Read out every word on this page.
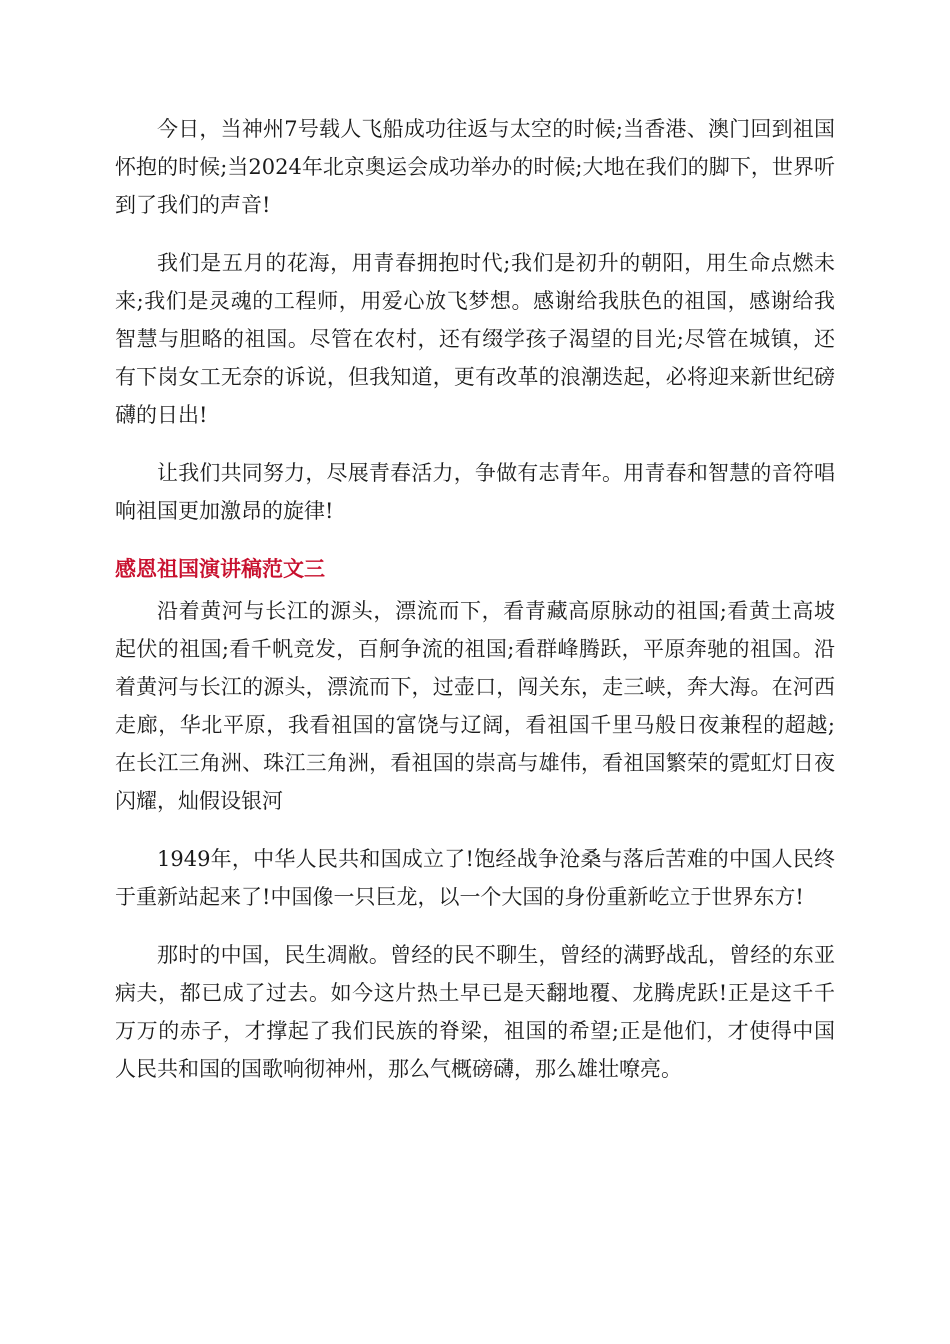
今日，当神州7号载人飞船成功往返与太空的时候;当香港、澳门回到祖国怀抱的时候;当2024年北京奥运会成功举办的时候;大地在我们的脚下，世界听到了我们的声音!

我们是五月的花海，用青春拥抱时代;我们是初升的朝阳，用生命点燃未来;我们是灵魂的工程师，用爱心放飞梦想。感谢给我肤色的祖国，感谢给我智慧与胆略的祖国。尽管在农村，还有缀学孩子渴望的目光;尽管在城镇，还有下岗女工无奈的诉说，但我知道，更有改革的浪潮迭起，必将迎来新世纪磅礴的日出!

让我们共同努力，尽展青春活力，争做有志青年。用青春和智慧的音符唱响祖国更加激昂的旋律!

感恩祖国演讲稿范文三

沿着黄河与长江的源头，漂流而下，看青藏高原脉动的祖国;看黄土高坡起伏的祖国;看千帆竞发，百舸争流的祖国;看群峰腾跃，平原奔驰的祖国。沿着黄河与长江的源头，漂流而下，过壶口，闯关东，走三峡，奔大海。在河西走廊，华北平原，我看祖国的富饶与辽阔，看祖国千里马般日夜兼程的超越;在长江三角洲、珠江三角洲，看祖国的崇高与雄伟，看祖国繁荣的霓虹灯日夜闪耀，灿假设银河

1949年，中华人民共和国成立了!饱经战争沧桑与落后苦难的中国人民终于重新站起来了!中国像一只巨龙，以一个大国的身份重新屹立于世界东方!

那时的中国，民生凋敝。曾经的民不聊生，曾经的满野战乱，曾经的东亚病夫，都已成了过去。如今这片热土早已是天翻地覆、龙腾虎跃!正是这千千万万的赤子，才撑起了我们民族的脊梁，祖国的希望;正是他们，才使得中国人民共和国的国歌响彻神州，那么气概磅礴，那么雄壮嘹亮。
